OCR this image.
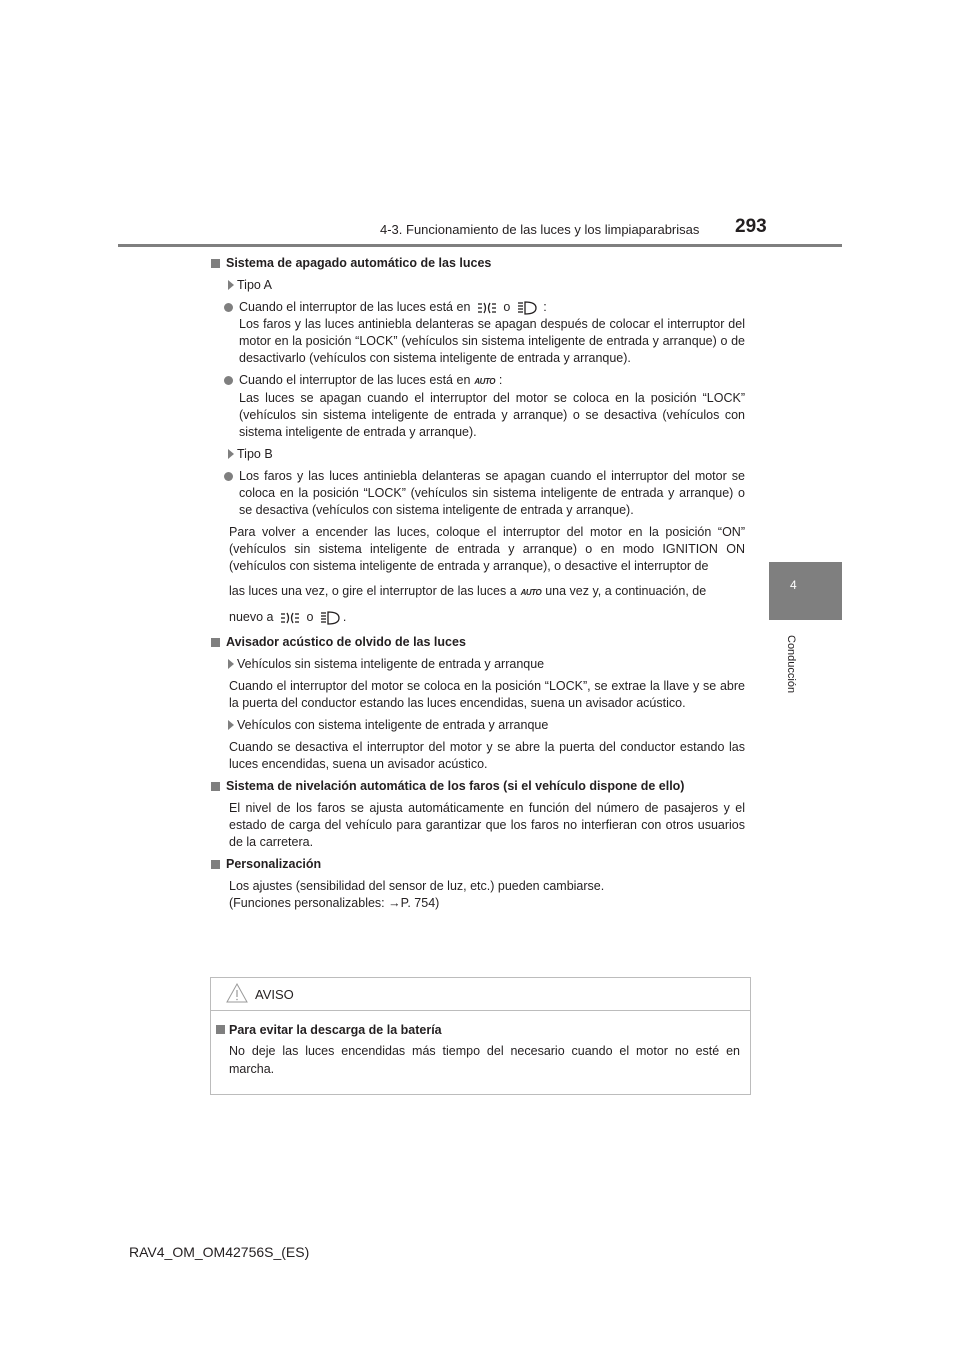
4-3. Funcionamiento de las luces y los limpiaparabrisas 293
4
Conducción
Sistema de apagado automático de las luces
Tipo A
Cuando el interruptor de las luces está en	o	:
Los faros y las luces antiniebla delanteras se apagan después de colocar el interruptor del motor en la posición “LOCK” (vehículos sin sistema inteligente de entrada y arranque) o de desactivarlo (vehículos con sistema inteligente de entrada y arranque).
Cuando el interruptor de las luces está en AUTO :
Las luces se apagan cuando el interruptor del motor se coloca en la posición “LOCK” (vehículos sin sistema inteligente de entrada y arranque) o se desactiva (vehículos con sistema inteligente de entrada y arranque).
Tipo B
Los faros y las luces antiniebla delanteras se apagan cuando el interruptor del motor se coloca en la posición “LOCK” (vehículos sin sistema inteligente de entrada y arranque) o se desactiva (vehículos con sistema inteligente de entrada y arranque).
Para volver a encender las luces, coloque el interruptor del motor en la posición “ON” (vehículos sin sistema inteligente de entrada y arranque) o en modo IGNITION ON (vehículos con sistema inteligente de entrada y arranque), o desactive el interruptor de
las luces una vez, o gire el interruptor de las luces a AUTO una vez y, a continuación, de
nuevo a	o .
Avisador acústico de olvido de las luces
Vehículos sin sistema inteligente de entrada y arranque
Cuando el interruptor del motor se coloca en la posición “LOCK”, se extrae la llave y se abre la puerta del conductor estando las luces encendidas, suena un avisador acústico.
Vehículos con sistema inteligente de entrada y arranque
Cuando se desactiva el interruptor del motor y se abre la puerta del conductor estando las luces encendidas, suena un avisador acústico.
Sistema de nivelación automática de los faros (si el vehículo dispone de ello)
El nivel de los faros se ajusta automáticamente en función del número de pasajeros y el estado de carga del vehículo para garantizar que los faros no interfieran con otros usuarios de la carretera.
Personalización
Los ajustes (sensibilidad del sensor de luz, etc.) pueden cambiarse.
(Funciones personalizables: →P. 754)
AVISO
Para evitar la descarga de la batería
No deje las luces encendidas más tiempo del necesario cuando el motor no esté en marcha.
RAV4_OM_OM42756S_(ES)
